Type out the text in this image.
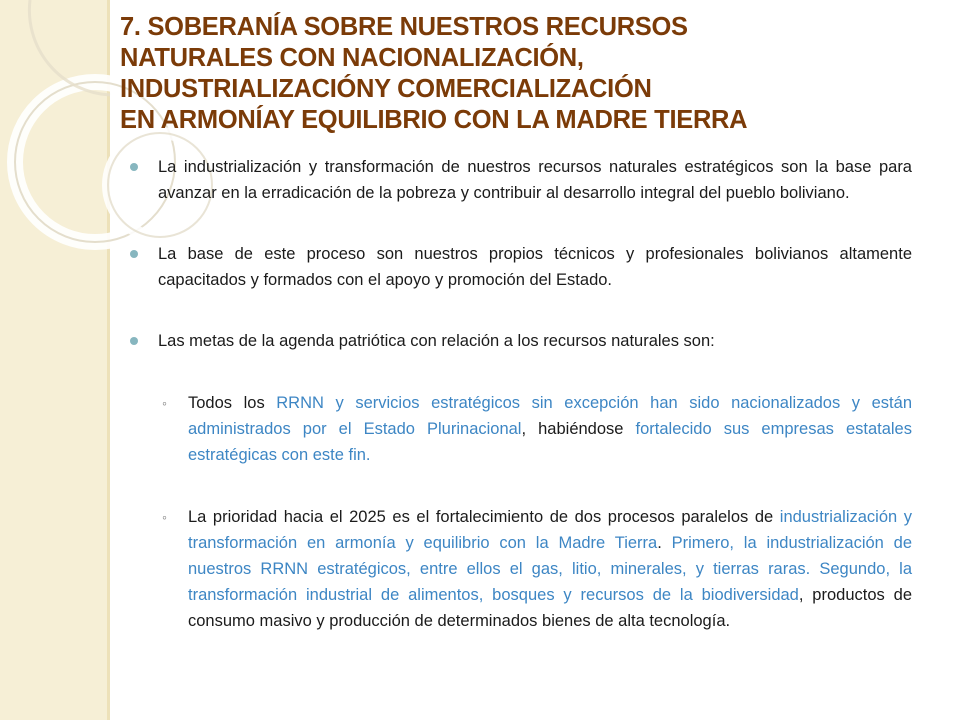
7. SOBERANÍA SOBRE NUESTROS RECURSOS
NATURALES CON NACIONALIZACIÓN,
INDUSTRIALIZACIÓNY COMERCIALIZACIÓN
EN ARMONÍAY EQUILIBRIO CON LA MADRE TIERRA
La industrialización y transformación de nuestros recursos naturales estratégicos son la base para avanzar en la erradicación de la pobreza y contribuir al desarrollo integral del pueblo boliviano.
La base de este proceso son nuestros propios técnicos y profesionales bolivianos altamente capacitados y formados con el apoyo y promoción del Estado.
Las metas de la agenda patriótica con relación a los recursos naturales son:
◦ Todos los RRNN y servicios estratégicos sin excepción han sido nacionalizados y están administrados por el Estado Plurinacional, habiéndose fortalecido sus empresas estatales estratégicas con este fin.
◦ La prioridad hacia el 2025 es el fortalecimiento de dos procesos paralelos de industrialización y transformación en armonía y equilibrio con la Madre Tierra. Primero, la industrialización de nuestros RRNN estratégicos, entre ellos el gas, litio, minerales, y tierras raras. Segundo, la transformación industrial de alimentos, bosques y recursos de la biodiversidad, productos de consumo masivo y producción de determinados bienes de alta tecnología.
